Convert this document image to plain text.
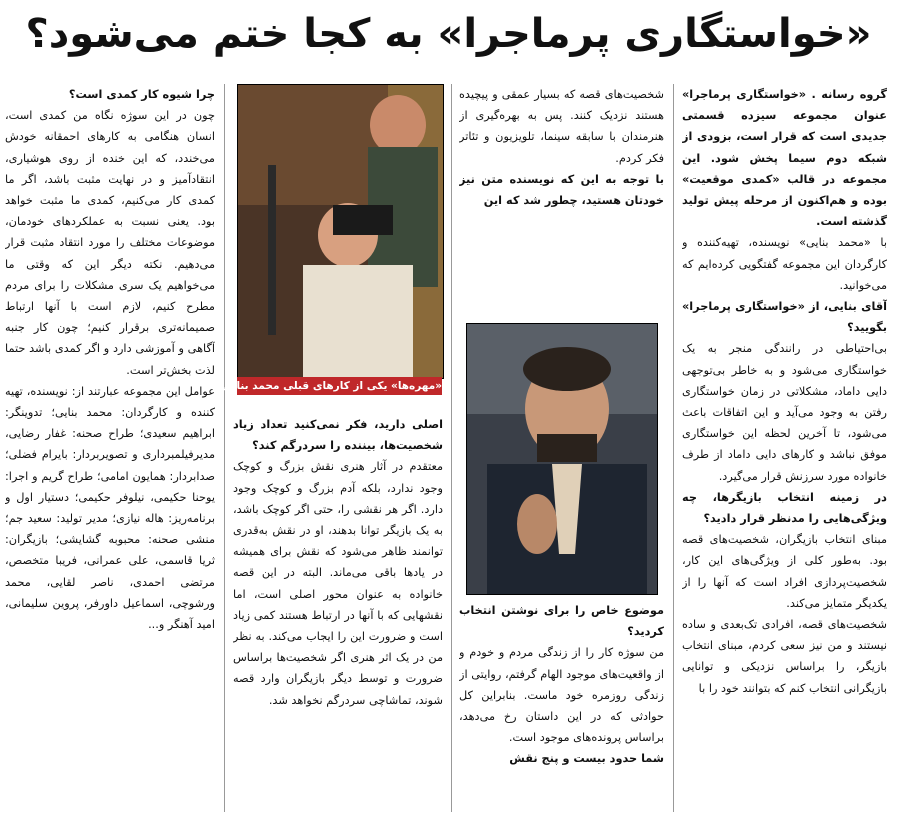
«خواستگاری پرماجرا» به کجا ختم می‌شود؟

گروه رسانه . «خواستگاری پرماجرا» عنوان مجموعه سیزده قسمتی جدیدی است که قرار است، بزودی از شبکه دوم سیما پخش شود. این مجموعه در قالب «کمدی موقعیت» بوده و هم‌اکنون از مرحله پیش تولید گذشته است.

با «محمد بنایی» نویسنده، تهیه‌کننده و کارگردان این مجموعه گفتگویی کرده‌ایم که می‌خوانید.

آقای بنایی، از «خواستگاری پرماجرا» بگویید؟

بی‌احتیاطی در رانندگی منجر به یک خواستگاری می‌شود و به خاطر بی‌توجهی دایی داماد، مشکلاتی در زمان خواستگاری رفتن به وجود می‌آید و این اتفاقات باعث می‌شود، تا آخرین لحظه این خواستگاری موفق نباشد و کارهای دایی داماد از طرف خانواده مورد سرزنش قرار می‌گیرد.

در زمینه انتخاب بازیگرها، چه ویژگی‌هایی را مدنظر قرار دادید؟

مبنای انتخاب بازیگران، شخصیت‌های قصه بود. به‌طور کلی از ویژگی‌های این کار، شخصیت‌پردازی افراد است که آنها را از یکدیگر متمایز می‌کند.

شخصیت‌های قصه، افرادی تک‌بعدی و ساده نیستند و من نیز سعی کردم، مبنای انتخاب بازیگر، را براساس نزدیکی و توانایی بازیگرانی انتخاب کنم که بتوانند خود را با

شخصیت‌های قصه که بسیار عمقی و پیچیده هستند نزدیک کنند. پس به بهره‌گیری از هنرمندان با سابقه سینما، تلویزیون و تئاتر فکر کردم.

با توجه به این که نویسنده متن نیز خودتان هستید، چطور شد که این

موضوع خاص را برای نوشتن انتخاب کردید؟

من سوژه کار را از زندگی مردم و خودم و از واقعیت‌های موجود الهام گرفتم، روایتی از زندگی روزمره خود ماست. بنابراین کل حوادثی که در این داستان رخ می‌دهد، براساس پرونده‌های موجود است.

شما حدود بیست و پنج نقش

اصلی دارید، فکر نمی‌کنید تعداد زیاد شخصیت‌ها، بیننده را سردرگم کند؟

معتقدم در آثار هنری نقش بزرگ و کوچک وجود ندارد، بلکه آدم بزرگ و کوچک وجود دارد. اگر هر نقشی را، حتی اگر کوچک باشد، به یک بازیگر توانا بدهند، او در نقش به‌قدری توانمند ظاهر می‌شود که نقش برای همیشه در یادها باقی می‌ماند. البته در این قصه خانواده به عنوان محور اصلی است، اما نقشهایی که با آنها در ارتباط هستند کمی زیاد است و ضرورت این را ایجاب می‌کند. به نظر من در یک اثر هنری اگر شخصیت‌ها براساس ضرورت و توسط دیگر بازیگران وارد قصه شوند، تماشاچی سردرگم نخواهد شد.

چرا شیوه کار کمدی است؟

چون در این سوژه نگاه من کمدی است، انسان هنگامی به کارهای احمقانه خودش می‌خندد، که این خنده از روی هوشیاری، انتقادآمیز و در نهایت مثبت باشد، اگر ما کمدی کار می‌کنیم، کمدی ما مثبت خواهد بود. یعنی نسبت به عملکردهای خودمان، موضوعات مختلف را مورد انتقاد مثبت قرار می‌دهیم. نکته دیگر این که وقتی ما می‌خواهیم یک سری مشکلات را برای مردم مطرح کنیم، لازم است با آنها ارتباط صمیمانه‌تری برقرار کنیم؛ چون کار جنبه آگاهی و آموزشی دارد و اگر کمدی باشد حتما لذت بخش‌تر است.

عوامل این مجموعه عبارتند از: نویسنده، تهیه کننده و کارگردان: محمد بنایی؛ تدوینگر: ابراهیم سعیدی؛ طراح صحنه: غفار رضایی، مدیرفیلمبرداری و تصویربردار: بایرام فضلی؛ صدابردار: همایون امامی؛ طراح گریم و اجرا: یوحنا حکیمی، نیلوفر حکیمی؛ دستیار اول و برنامه‌ریز: هاله نیازی؛ مدیر تولید: سعید جم؛ منشی صحنه: محبوبه گشایشی؛ بازیگران: ثریا قاسمی، علی عمرانی، فریبا متخصص، مرتضی احمدی، ناصر لقایی، محمد ورشوچی، اسماعیل داورفر، پروین سلیمانی، امید آهنگر و...

«مهره‌ها» یکی از کارهای قبلی محمد بنایی
